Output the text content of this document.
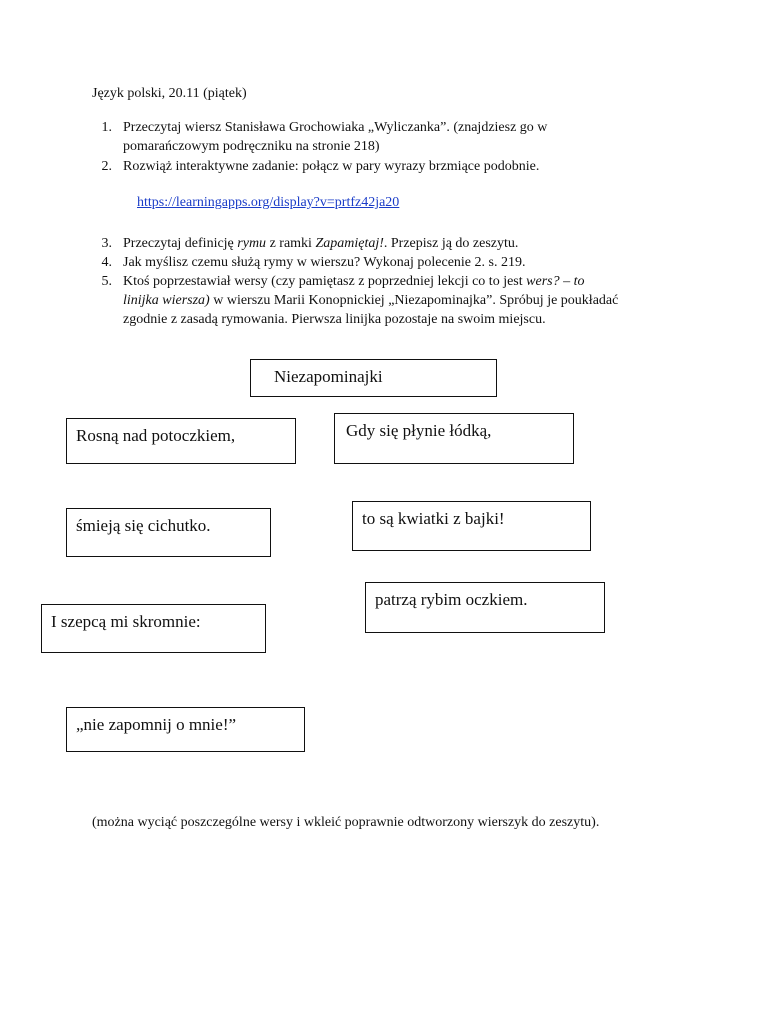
Język polski, 20.11 (piątek)
1. Przeczytaj wiersz Stanisława Grochowiaka „Wyliczanka”. (znajdziesz go w
pomarańczowym podręczniku na stronie 218)
2. Rozwiąż interaktywne zadanie: połącz w pary wyrazy brzmiące podobnie.
https://learningapps.org/display?v=prtfz42ja20
3. Przeczytaj definicję rymu z ramki Zapamiętaj!. Przepisz ją do zeszytu.
4. Jak myślisz czemu służą rymy w wierszu? Wykonaj polecenie 2. s. 219.
5. Ktoś poprzestawiał wersy (czy pamiętasz z poprzedniej lekcji co to jest wers? – to
linijka wiersza) w wierszu Marii Konopnickiej „Niezapominajka”. Spróbuj je poukładać
zgodnie z zasadą rymowania. Pierwsza linijka pozostaje na swoim miejscu.
Niezapominajki
Rosną nad potoczkiem,	Gdy się płynie łódką,
śmieją się cichutko.	to są kwiatki z bajki!
patrzą rybim oczkiem.
I szepcą mi skromnie:
„nie zapomnij o mnie!”
(można wyciąć poszczególne wersy i wkleić poprawnie odtworzony wierszyk do zeszytu).
